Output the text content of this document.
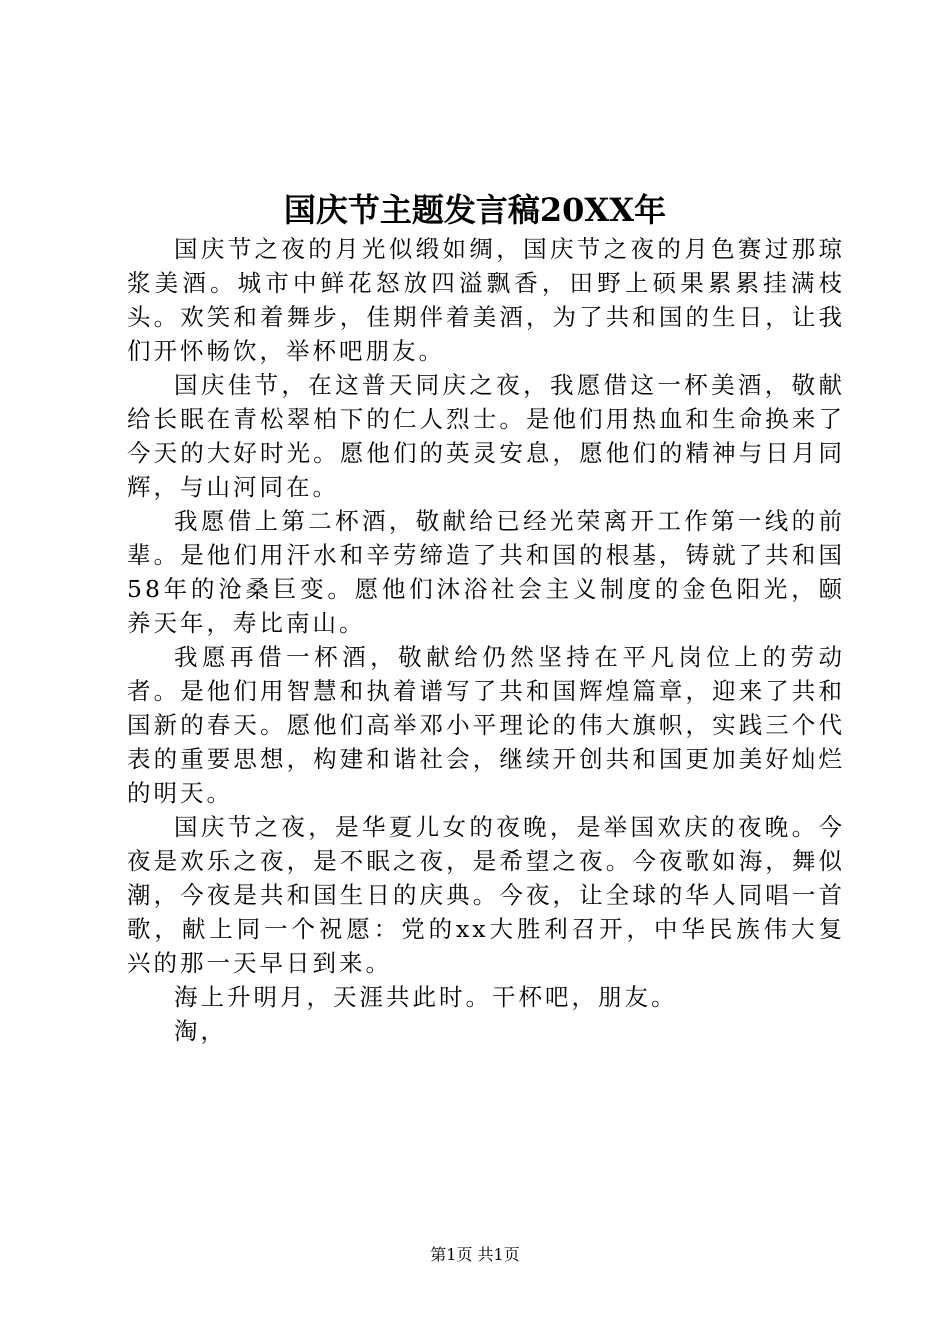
国庆节主题发言稿20XX年

国庆节之夜的月光似缎如绸，国庆节之夜的月色赛过那琼浆美酒。城市中鲜花怒放四溢飘香，田野上硕果累累挂满枝头。欢笑和着舞步，佳期伴着美酒，为了共和国的生日，让我们开怀畅饮，举杯吧朋友。

国庆佳节，在这普天同庆之夜，我愿借这一杯美酒，敬献给长眠在青松翠柏下的仁人烈士。是他们用热血和生命换来了今天的大好时光。愿他们的英灵安息，愿他们的精神与日月同辉，与山河同在。

我愿借上第二杯酒，敬献给已经光荣离开工作第一线的前辈。是他们用汗水和辛劳缔造了共和国的根基，铸就了共和国58年的沧桑巨变。愿他们沐浴社会主义制度的金色阳光，颐养天年，寿比南山。

我愿再借一杯酒，敬献给仍然坚持在平凡岗位上的劳动者。是他们用智慧和执着谱写了共和国辉煌篇章，迎来了共和国新的春天。愿他们高举邓小平理论的伟大旗帜，实践三个代表的重要思想，构建和谐社会，继续开创共和国更加美好灿烂的明天。

国庆节之夜，是华夏儿女的夜晚，是举国欢庆的夜晚。今夜是欢乐之夜，是不眠之夜，是希望之夜。今夜歌如海，舞似潮，今夜是共和国生日的庆典。今夜，让全球的华人同唱一首歌，献上同一个祝愿：党的xx大胜利召开，中华民族伟大复兴的那一天早日到来。

海上升明月，天涯共此时。干杯吧，朋友。

淘，

第1页 共1页
